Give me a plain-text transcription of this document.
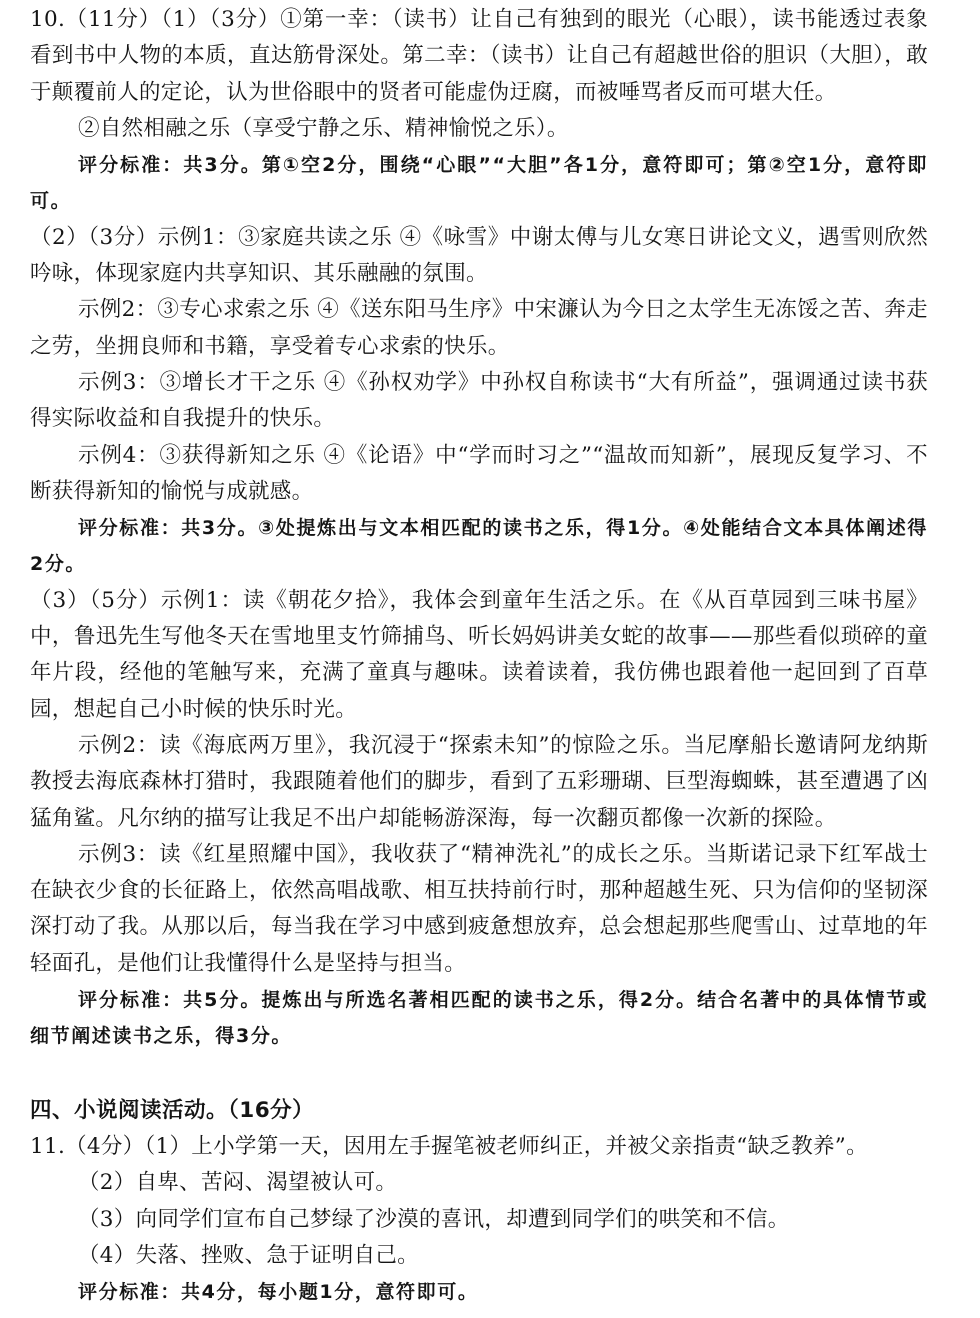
10.（11分）（1）（3分）①第一幸：（读书）让自己有独到的眼光（心眼），读书能透过表象看到书中人物的本质，直达筋骨深处。第二幸：（读书）让自己有超越世俗的胆识（大胆），敢于颠覆前人的定论，认为世俗眼中的贤者可能虚伪迂腐，而被唾骂者反而可堪大任。

②自然相融之乐（享受宁静之乐、精神愉悦之乐）。

评分标准：共3分。第①空2分，围绕“心眼”“大胆”各1分，意符即可；第②空1分，意符即可。

（2）（3分）示例1：③家庭共读之乐 ④《咏雪》中谢太傅与儿女寒日讲论文义，遇雪则欣然吟咏，体现家庭内共享知识、其乐融融的氛围。

示例2：③专心求索之乐 ④《送东阳马生序》中宋濂认为今日之太学生无冻馁之苦、奔走之劳，坐拥良师和书籍，享受着专心求索的快乐。

示例3：③增长才干之乐 ④《孙权劝学》中孙权自称读书“大有所益”，强调通过读书获得实际收益和自我提升的快乐。

示例4：③获得新知之乐 ④《论语》中“学而时习之”“温故而知新”，展现反复学习、不断获得新知的愉悦与成就感。

评分标准：共3分。③处提炼出与文本相匹配的读书之乐，得1分。④处能结合文本具体阐述得2分。

（3）（5分）示例1：读《朝花夕拾》，我体会到童年生活之乐。在《从百草园到三味书屋》中，鲁迅先生写他冬天在雪地里支竹筛捕鸟、听长妈妈讲美女蛇的故事——那些看似琐碎的童年片段，经他的笔触写来，充满了童真与趣味。读着读着，我仿佛也跟着他一起回到了百草园，想起自己小时候的快乐时光。

示例2：读《海底两万里》，我沉浸于“探索未知”的惊险之乐。当尼摩船长邀请阿龙纳斯教授去海底森林打猎时，我跟随着他们的脚步，看到了五彩珊瑚、巨型海蜘蛛，甚至遭遇了凶猛角鲨。凡尔纳的描写让我足不出户却能畅游深海，每一次翻页都像一次新的探险。

示例3：读《红星照耀中国》，我收获了“精神洗礼”的成长之乐。当斯诺记录下红军战士在缺衣少食的长征路上，依然高唱战歌、相互扶持前行时，那种超越生死、只为信仰的坚韧深深打动了我。从那以后，每当我在学习中感到疲惫想放弃，总会想起那些爬雪山、过草地的年轻面孔，是他们让我懂得什么是坚持与担当。

评分标准：共5分。提炼出与所选名著相匹配的读书之乐，得2分。结合名著中的具体情节或细节阐述读书之乐，得3分。

四、小说阅读活动。（16分）

11.（4分）（1）上小学第一天，因用左手握笔被老师纠正，并被父亲指责“缺乏教养”。

（2）自卑、苦闷、渴望被认可。

（3）向同学们宣布自己梦绿了沙漠的喜讯，却遭到同学们的哄笑和不信。

（4）失落、挫败、急于证明自己。

评分标准：共4分，每小题1分，意符即可。
